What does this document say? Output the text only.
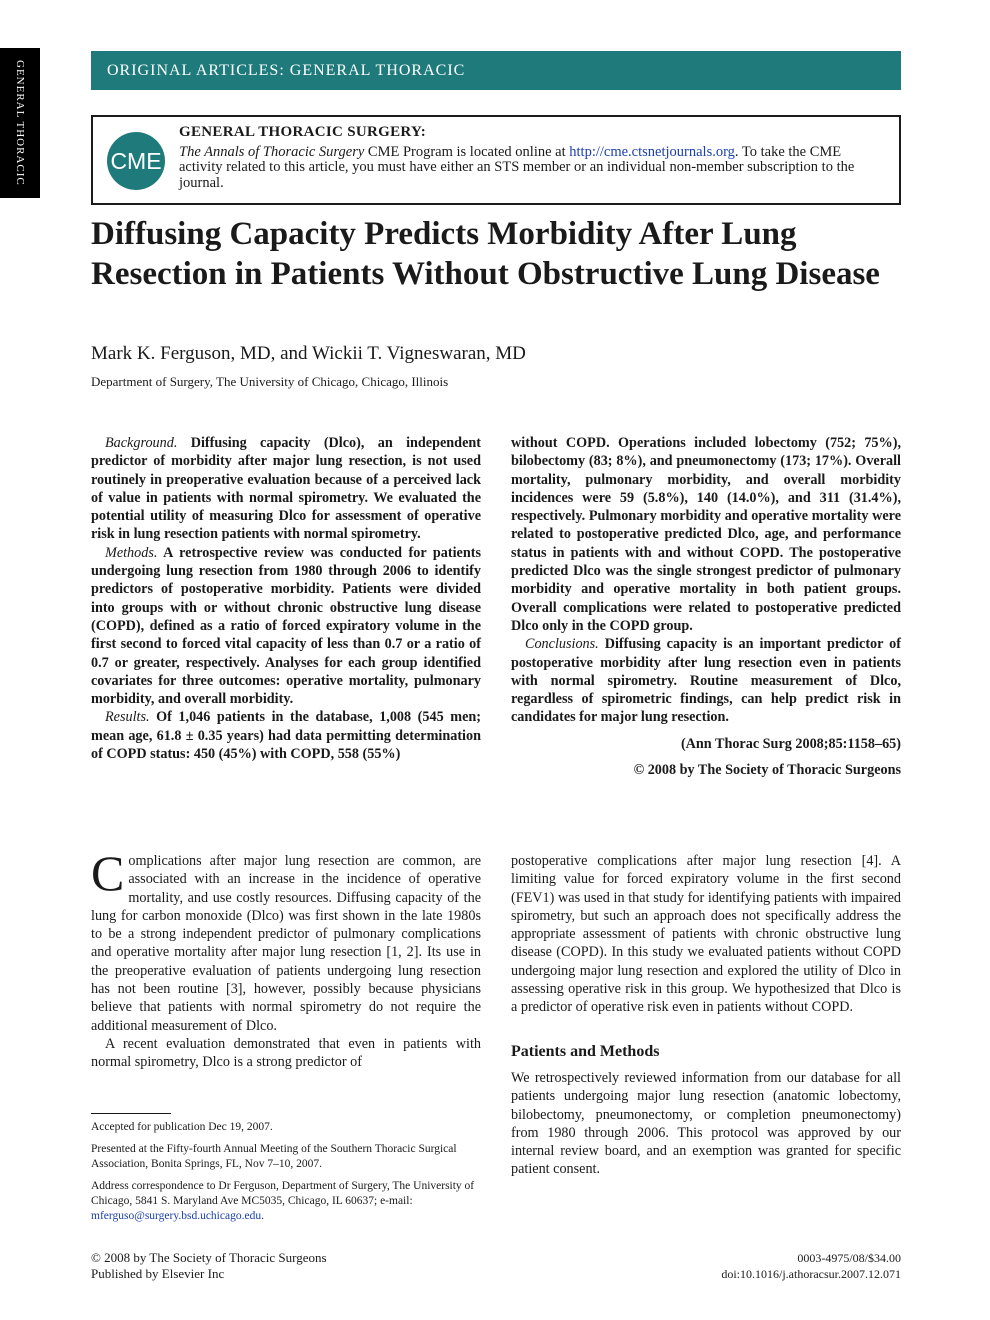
GENERAL THORACIC	ORIGINAL ARTICLES: GENERAL THORACIC
CME
GENERAL THORACIC SURGERY:
The Annals of Thoracic Surgery CME Program is located online at http://cme.ctsnetjournals.org. To take the CME activity related to this article, you must have either an STS member or an individual non-member subscription to the journal.
Diffusing Capacity Predicts Morbidity After Lung Resection in Patients Without Obstructive Lung Disease

Mark K. Ferguson, MD, and Wickii T. Vigneswaran, MD

Department of Surgery, The University of Chicago, Chicago, Illinois

Background. Diffusing capacity (Dlco), an independent predictor of morbidity after major lung resection, is not used routinely in preoperative evaluation because of a perceived lack of value in patients with normal spirometry. We evaluated the potential utility of measuring Dlco for assessment of operative risk in lung resection patients with normal spirometry.

Methods. A retrospective review was conducted for patients undergoing lung resection from 1980 through 2006 to identify predictors of postoperative morbidity. Patients were divided into groups with or without chronic obstructive lung disease (COPD), defined as a ratio of forced expiratory volume in the first second to forced vital capacity of less than 0.7 or a ratio of 0.7 or greater, respectively. Analyses for each group identified covariates for three outcomes: operative mortality, pulmonary morbidity, and overall morbidity.

Results. Of 1,046 patients in the database, 1,008 (545 men; mean age, 61.8 ± 0.35 years) had data permitting determination of COPD status: 450 (45%) with COPD, 558 (55%)

without COPD. Operations included lobectomy (752; 75%), bilobectomy (83; 8%), and pneumonectomy (173; 17%). Overall mortality, pulmonary morbidity, and overall morbidity incidences were 59 (5.8%), 140 (14.0%), and 311 (31.4%), respectively. Pulmonary morbidity and operative mortality were related to postoperative predicted Dlco, age, and performance status in patients with and without COPD. The postoperative predicted Dlco was the single strongest predictor of pulmonary morbidity and operative mortality in both patient groups. Overall complications were related to postoperative predicted Dlco only in the COPD group.

Conclusions. Diffusing capacity is an important predictor of postoperative morbidity after lung resection even in patients with normal spirometry. Routine measurement of Dlco, regardless of spirometric findings, can help predict risk in candidates for major lung resection.

(Ann Thorac Surg 2008;85:1158–65)

© 2008 by The Society of Thoracic Surgeons

Complications after major lung resection are common, are associated with an increase in the incidence of operative mortality, and use costly resources. Diffusing capacity of the lung for carbon monoxide (Dlco) was first shown in the late 1980s to be a strong independent predictor of pulmonary complications and operative mortality after major lung resection [1, 2]. Its use in the preoperative evaluation of patients undergoing lung resection has not been routine [3], however, possibly because physicians believe that patients with normal spirometry do not require the additional measurement of Dlco.

A recent evaluation demonstrated that even in patients with normal spirometry, Dlco is a strong predictor of

postoperative complications after major lung resection [4]. A limiting value for forced expiratory volume in the first second (FEV1) was used in that study for identifying patients with impaired spirometry, but such an approach does not specifically address the appropriate assessment of patients with chronic obstructive lung disease (COPD). In this study we evaluated patients without COPD undergoing major lung resection and explored the utility of Dlco in assessing operative risk in this group. We hypothesized that Dlco is a predictor of operative risk even in patients without COPD.

Patients and Methods

We retrospectively reviewed information from our database for all patients undergoing major lung resection (anatomic lobectomy, bilobectomy, pneumonectomy, or completion pneumonectomy) from 1980 through 2006. This protocol was approved by our internal review board, and an exemption was granted for specific patient consent.

Accepted for publication Dec 19, 2007.

Presented at the Fifty-fourth Annual Meeting of the Southern Thoracic Surgical Association, Bonita Springs, FL, Nov 7–10, 2007.

Address correspondence to Dr Ferguson, Department of Surgery, The University of Chicago, 5841 S. Maryland Ave MC5035, Chicago, IL 60637; e-mail: mferguso@surgery.bsd.uchicago.edu.

© 2008 by The Society of Thoracic Surgeons
Published by Elsevier Inc
0003-4975/08/$34.00
doi:10.1016/j.athoracsur.2007.12.071
